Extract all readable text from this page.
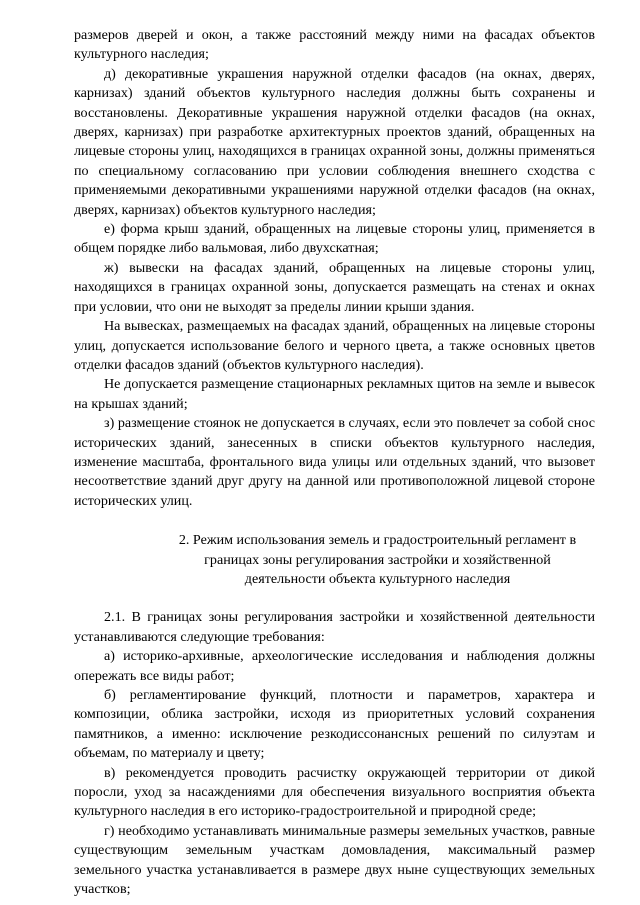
размеров дверей и окон, а также расстояний между ними на фасадах объектов культурного наследия;

д) декоративные украшения наружной отделки фасадов (на окнах, дверях, карнизах) зданий объектов культурного наследия должны быть сохранены и восстановлены. Декоративные украшения наружной отделки фасадов (на окнах, дверях, карнизах) при разработке архитектурных проектов зданий, обращенных на лицевые стороны улиц, находящихся в границах охранной зоны, должны применяться по специальному согласованию при условии соблюдения внешнего сходства с применяемыми декоративными украшениями наружной отделки фасадов (на окнах, дверях, карнизах) объектов культурного наследия;

е) форма крыш зданий, обращенных на лицевые стороны улиц, применяется в общем порядке либо вальмовая, либо двухскатная;

ж) вывески на фасадах зданий, обращенных на лицевые стороны улиц, находящихся в границах охранной зоны, допускается размещать на стенах и окнах при условии, что они не выходят за пределы линии крыши здания.

На вывесках, размещаемых на фасадах зданий, обращенных на лицевые стороны улиц, допускается использование белого и черного цвета, а также основных цветов отделки фасадов зданий (объектов культурного наследия).

Не допускается размещение стационарных рекламных щитов на земле и вывесок на крышах зданий;

з) размещение стоянок не допускается в случаях, если это повлечет за собой снос исторических зданий, занесенных в списки объектов культурного наследия, изменение масштаба, фронтального вида улицы или отдельных зданий, что вызовет несоответствие зданий друг другу на данной или противоположной лицевой стороне исторических улиц.

2. Режим использования земель и градостроительный регламент в
границах зоны регулирования застройки и хозяйственной
деятельности объекта культурного наследия

2.1. В границах зоны регулирования застройки и хозяйственной деятельности устанавливаются следующие требования:

а) историко-архивные, археологические исследования и наблюдения должны опережать все виды работ;

б) регламентирование функций, плотности и параметров, характера и композиции, облика застройки, исходя из приоритетных условий сохранения памятников, а именно: исключение резкодиссонансных решений по силуэтам и объемам, по материалу и цвету;

в) рекомендуется проводить расчистку окружающей территории от дикой поросли, уход за насаждениями для обеспечения визуального восприятия объекта культурного наследия в его историко-градостроительной и природной среде;

г) необходимо устанавливать минимальные размеры земельных участков, равные существующим земельным участкам домовладения, максимальный размер земельного участка устанавливается в размере двух ныне существующих земельных участков;
